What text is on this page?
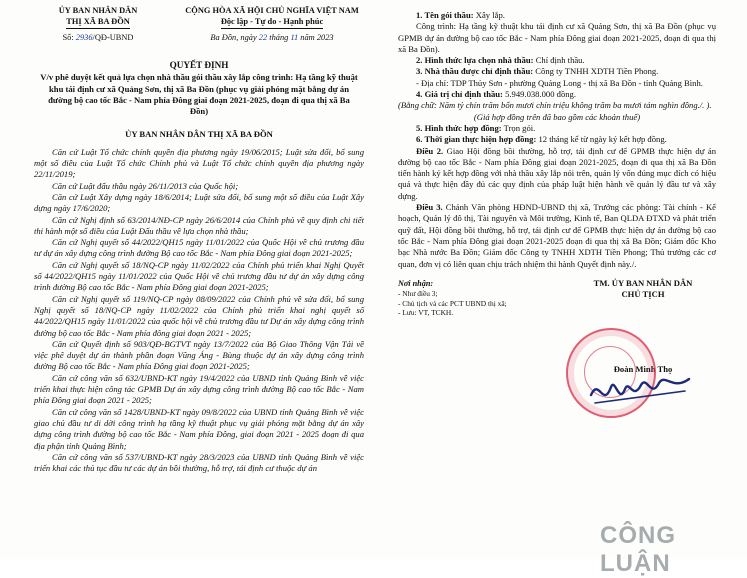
ỦY BAN NHÂN DÂN
THỊ XÃ BA ĐỒN
Số: 2936/QĐ-UBND
CỘNG HÒA XÃ HỘI CHỦ NGHĨA VIỆT NAM
Độc lập - Tự do - Hạnh phúc
Ba Đồn, ngày 22 tháng 11 năm 2023
QUYẾT ĐỊNH
V/v phê duyệt kết quả lựa chọn nhà thầu gói thầu xây lắp công trình: Hạ tầng kỹ thuật khu tái định cư xã Quảng Sơn, thị xã Ba Đồn (phục vụ giải phóng mặt bằng dự án đường bộ cao tốc Bắc - Nam phía Đông giai đoạn 2021-2025, đoạn đi qua thị xã Ba Đồn)
ỦY BAN NHÂN DÂN THỊ XÃ BA ĐỒN

Căn cứ Luật Tổ chức chính quyền địa phương ngày 19/06/2015; Luật sửa đổi, bổ sung một số điều của Luật Tổ chức Chính phủ và Luật Tổ chức chính quyền địa phương ngày 22/11/2019;

Căn cứ Luật đấu thầu ngày 26/11/2013 của Quốc hội;

Căn cứ Luật Xây dựng ngày 18/6/2014; Luật sửa đổi, bổ sung một số điều của Luật Xây dựng ngày 17/6/2020;

Căn cứ Nghị định số 63/2014/NĐ-CP ngày 26/6/2014 của Chính phủ về quy định chi tiết thi hành một số điều của Luật Đấu thầu về lựa chọn nhà thầu;

Căn cứ Nghị quyết số 44/2022/QH15 ngày 11/01/2022 của Quốc Hội về chủ trương đầu tư dự án xây dựng công trình đường Bộ cao tốc Bắc - Nam phía Đông giai đoạn 2021-2025;

Căn cứ Nghị quyết số 18/NQ-CP ngày 11/02/2022 của Chính phủ triển khai Nghị Quyết số 44/2022/QH15 ngày 11/01/2022 của Quốc Hội về chủ trương đầu tư dự án xây dựng công trình đường Bộ cao tốc Bắc - Nam phía Đông giai đoạn 2021-2025;

Căn cứ Nghị quyết số 119/NQ-CP ngày 08/09/2022 của Chính phủ về sửa đổi, bổ sung Nghị quyết số 18/NQ-CP ngày 11/02/2022 của Chính phủ triển khai nghị quyết số 44/2022/QH15 ngày 11/01/2022 của quốc hội về chủ trương đầu tư Dự án xây dựng công trình đường bộ cao tốc Bắc - Nam phía đông giai đoạn 2021 - 2025;

Căn cứ Quyết định số 903/QĐ-BGTVT ngày 13/7/2022 của Bộ Giao Thông Vận Tải về việc phê duyệt dự án thành phần đoạn Vũng Áng - Bùng thuộc dự án xây dựng công trình đường Bộ cao tốc Bắc - Nam phía Đông giai đoạn 2021-2025;

Căn cứ công văn số 632/UBND-KT ngày 19/4/2022 của UBND tỉnh Quảng Bình về việc triển khai thực hiện công tác GPMB Dự án xây dựng công trình đường Bộ cao tốc Bắc - Nam phía Đông giai đoạn 2021 - 2025;

Căn cứ công văn số 1428/UBND-KT ngày 09/8/2022 của UBND tỉnh Quảng Bình về việc giao chủ đầu tư di dời công trình hạ tầng kỹ thuật phục vụ giải phóng mặt bằng dự án xây dựng công trình đường bộ cao tốc Bắc - Nam phía Đông, giai đoạn 2021 - 2025 đoạn đi qua địa phận tỉnh Quảng Bình;

Căn cứ công văn số 537/UBND-KT ngày 28/3/2023 của UBND tỉnh Quảng Bình về việc triển khai các thủ tục đầu tư các dự án bồi thường, hỗ trợ, tái định cư thuộc dự án

1. Tên gói thầu: Xây lắp.

Công trình: Hạ tầng kỹ thuật khu tái định cư xã Quảng Sơn, thị xã Ba Đồn (phục vụ GPMB dự án đường bộ cao tốc Bắc - Nam phía Đông giai đoạn 2021-2025, đoạn đi qua thị xã Ba Đồn).

2. Hình thức lựa chọn nhà thầu: Chỉ định thầu.

3. Nhà thầu được chỉ định thầu: Công ty TNHH XDTH Tiền Phong.

- Địa chỉ: TDP Thủy Sơn - phường Quảng Long - thị xã Ba Đồn - tỉnh Quảng Bình.

4. Giá trị chỉ định thầu: 5.949.038.000 đồng.

(Bằng chữ: Năm tỷ chín trăm bốn mươi chín triệu không trăm ba mươi tám nghìn đồng./. ).

(Giá hợp đồng trên đã bao gồm các khoản thuế)

5. Hình thức hợp đồng: Trọn gói.

6. Thời gian thực hiện hợp đồng: 12 tháng kể từ ngày ký kết hợp đồng.

Điều 2. Giao Hội đồng bồi thường, hỗ trợ, tái định cư để GPMB thực hiện dự án đường bộ cao tốc Bắc - Nam phía Đông giai đoạn 2021-2025, đoạn đi qua thị xã Ba Đồn tiến hành ký kết hợp đồng với nhà thầu xây lắp nói trên, quản lý vốn đúng mục đích có hiệu quả và thực hiện đầy đủ các quy định của pháp luật hiện hành về quản lý đầu tư và xây dựng.

Điều 3. Chánh Văn phòng HĐND-UBND thị xã, Trưởng các phòng: Tài chính - Kế hoạch, Quản lý đô thị, Tài nguyên và Môi trường, Kinh tế, Ban QLDA ĐTXD và phát triển quỹ đất, Hội đồng bồi thường, hỗ trợ, tái định cư để GPMB thực hiện dự án đường bộ cao tốc Bắc - Nam phía Đông giai đoạn 2021-2025 đoạn đi qua thị xã Ba Đồn; Giám đốc Kho bạc Nhà nước Ba Đồn; Giám đốc Công ty TNHH XDTH Tiền Phong; Thủ trưởng các cơ quan, đơn vị có liên quan chịu trách nhiệm thi hành Quyết định này./.

Nơi nhận:
- Như điều 3;
- Chủ tịch và các PCT UBND thị xã;
- Lưu: VT, TCKH.
TM. ỦY BAN NHÂN DÂN
CHỦ TỊCH
Đoàn Minh Thọ
CÔNG LUẬN
